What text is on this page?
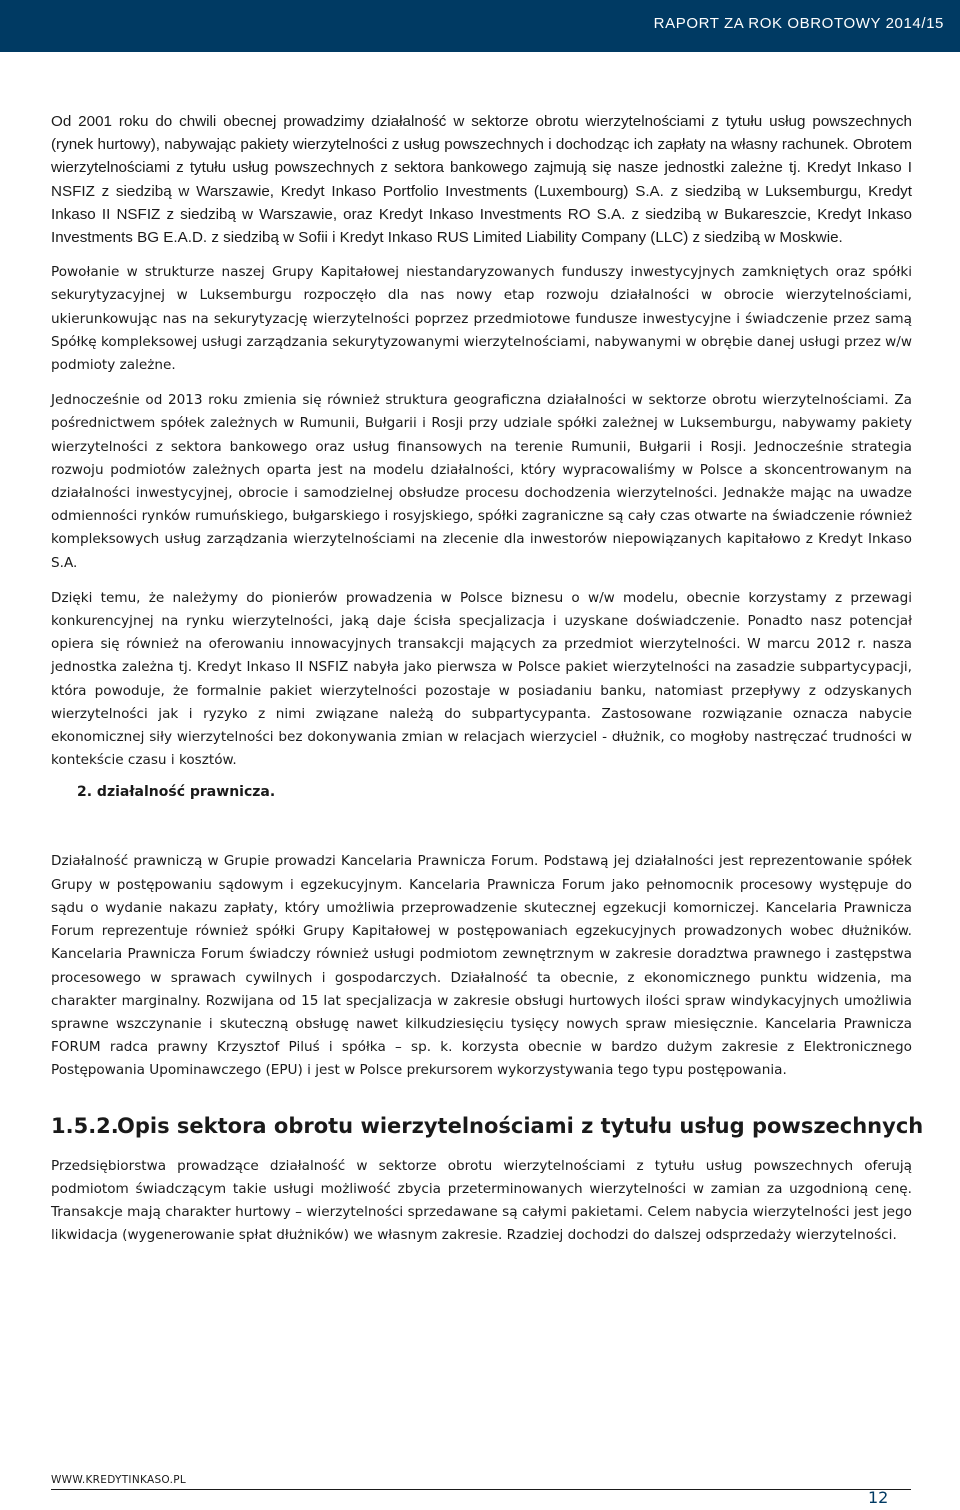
RAPORT ZA ROK OBROTOWY 2014/15

Od 2001 roku do chwili obecnej prowadzimy działalność w sektorze obrotu wierzytelnościami z tytułu usług powszechnych (rynek hurtowy), nabywając pakiety wierzytelności z usług powszechnych i dochodząc ich zapłaty na własny rachunek. Obrotem wierzytelnościami z tytułu usług powszechnych z sektora bankowego zajmują się nasze jednostki zależne tj. Kredyt Inkaso I NSFIZ z siedzibą w Warszawie, Kredyt Inkaso Portfolio Investments (Luxembourg) S.A. z siedzibą w Luksemburgu, Kredyt Inkaso II NSFIZ z siedzibą w Warszawie, oraz Kredyt Inkaso Investments RO S.A. z siedzibą w Bukareszcie, Kredyt Inkaso Investments BG E.A.D. z siedzibą w Sofii i Kredyt Inkaso RUS Limited Liability Company (LLC) z siedzibą w Moskwie.

Powołanie w strukturze naszej Grupy Kapitałowej niestandaryzowanych funduszy inwestycyjnych zamkniętych oraz spółki sekurytyzacyjnej w Luksemburgu rozpoczęło dla nas nowy etap rozwoju działalności w obrocie wierzytelnościami, ukierunkowując nas na sekurytyzację wierzytelności poprzez przedmiotowe fundusze inwestycyjne i świadczenie przez samą Spółkę kompleksowej usługi zarządzania sekurytyzowanymi wierzytelnościami, nabywanymi w obrębie danej usługi przez w/w podmioty zależne.

Jednocześnie od 2013 roku zmienia się również struktura geograficzna działalności w sektorze obrotu wierzytelnościami. Za pośrednictwem spółek zależnych w Rumunii, Bułgarii i Rosji przy udziale spółki zależnej w Luksemburgu, nabywamy pakiety wierzytelności z sektora bankowego oraz usług finansowych na terenie Rumunii, Bułgarii i Rosji. Jednocześnie strategia rozwoju podmiotów zależnych oparta jest na modelu działalności, który wypracowaliśmy w Polsce a skoncentrowanym na działalności inwestycyjnej, obrocie i samodzielnej obsłudze procesu dochodzenia wierzytelności. Jednakże mając na uwadze odmienności rynków rumuńskiego, bułgarskiego i rosyjskiego, spółki zagraniczne są cały czas otwarte na świadczenie również kompleksowych usług zarządzania wierzytelnościami na zlecenie dla inwestorów niepowiązanych kapitałowo z Kredyt Inkaso S.A.

Dzięki temu, że należymy do pionierów prowadzenia w Polsce biznesu o w/w modelu, obecnie korzystamy z przewagi konkurencyjnej na rynku wierzytelności, jaką daje ścisła specjalizacja i uzyskane doświadczenie. Ponadto nasz potencjał opiera się również na oferowaniu innowacyjnych transakcji mających za przedmiot wierzytelności. W marcu 2012 r. nasza jednostka zależna tj. Kredyt Inkaso II NSFIZ nabyła jako pierwsza w Polsce pakiet wierzytelności na zasadzie subpartycypacji, która powoduje, że formalnie pakiet wierzytelności pozostaje w posiadaniu banku, natomiast przepływy z odzyskanych wierzytelności jak i ryzyko z nimi związane należą do subpartycypanta. Zastosowane rozwiązanie oznacza nabycie ekonomicznej siły wierzytelności bez dokonywania zmian w relacjach wierzyciel - dłużnik, co mogłoby nastręczać trudności w kontekście czasu i kosztów.

2. działalność prawnicza.

Działalność prawniczą w Grupie prowadzi Kancelaria Prawnicza Forum. Podstawą jej działalności jest reprezentowanie spółek Grupy w postępowaniu sądowym i egzekucyjnym. Kancelaria Prawnicza Forum jako pełnomocnik procesowy występuje do sądu o wydanie nakazu zapłaty, który umożliwia przeprowadzenie skutecznej egzekucji komorniczej. Kancelaria Prawnicza Forum reprezentuje również spółki Grupy Kapitałowej w postępowaniach egzekucyjnych prowadzonych wobec dłużników. Kancelaria Prawnicza Forum świadczy również usługi podmiotom zewnętrznym w zakresie doradztwa prawnego i zastępstwa procesowego w sprawach cywilnych i gospodarczych. Działalność ta obecnie, z ekonomicznego punktu widzenia, ma charakter marginalny. Rozwijana od 15 lat specjalizacja w zakresie obsługi hurtowych ilości spraw windykacyjnych umożliwia sprawne wszczynanie i skuteczną obsługę nawet kilkudziesięciu tysięcy nowych spraw miesięcznie. Kancelaria Prawnicza FORUM radca prawny Krzysztof Piluś i spółka – sp. k. korzysta obecnie w bardzo dużym zakresie z Elektronicznego Postępowania Upominawczego (EPU) i jest w Polsce prekursorem wykorzystywania tego typu postępowania.

1.5.2.Opis sektora obrotu wierzytelnościami z tytułu usług powszechnych

Przedsiębiorstwa prowadzące działalność w sektorze obrotu wierzytelnościami z tytułu usług powszechnych oferują podmiotom świadczącym takie usługi możliwość zbycia przeterminowanych wierzytelności w zamian za uzgodnioną cenę. Transakcje mają charakter hurtowy – wierzytelności sprzedawane są całymi pakietami. Celem nabycia wierzytelności jest jego likwidacja (wygenerowanie spłat dłużników) we własnym zakresie. Rzadziej dochodzi do dalszej odsprzedaży wierzytelności.

WWW.KREDYTINKASO.PL
12
